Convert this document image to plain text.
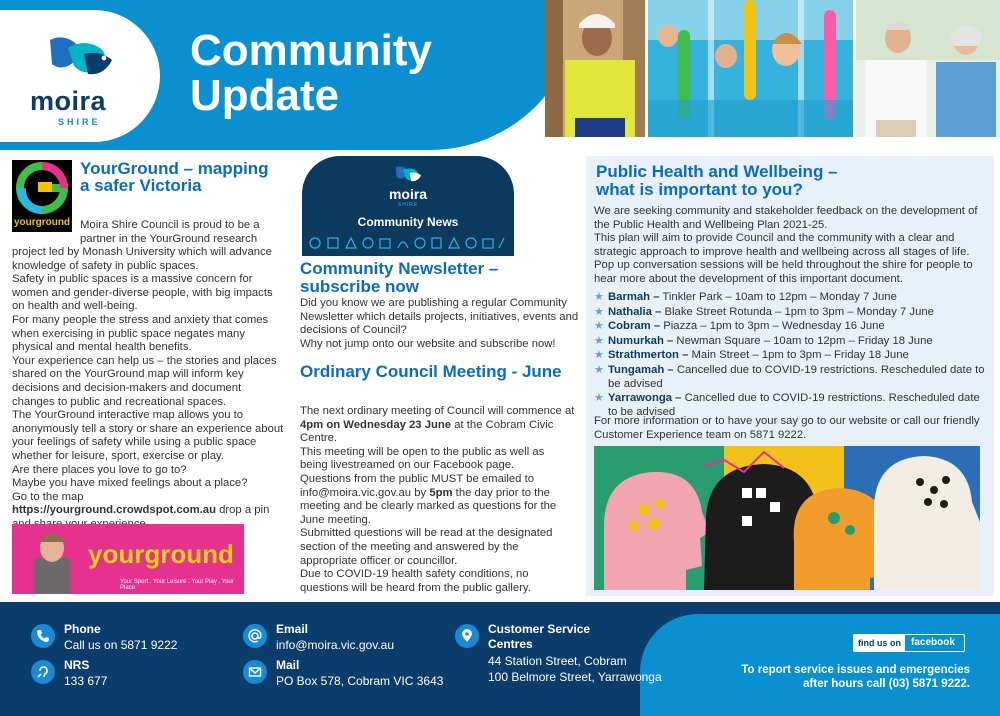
moira
SHIRE
Community
Update
yourground
YourGround – mapping a safer Victoria

Moira Shire Council is proud to be a partner in the YourGround research

project led by Monash University which will advance knowledge of safety in public spaces.

Safety in public spaces is a massive concern for women and gender-diverse people, with big impacts on health and well-being.

For many people the stress and anxiety that comes when exercising in public space negates many physical and mental health benefits.

Your experience can help us – the stories and places shared on the YourGround map will inform key decisions and decision-makers and document changes to public and recreational spaces.

The YourGround interactive map allows you to anonymously tell a story or share an experience about your feelings of safety while using a public space whether for leisure, sport, exercise or play.

Are there places you love to go to?

Maybe you have mixed feelings about a place?

Go to the map https://yourground.crowdspot.com.au drop a pin

yourground
Your Sport . Your Leisure . Your Play . Your Place
moira
SHIRE
Community News
Community Newsletter –
subscribe now

Did you know we are publishing a regular Community Newsletter which details projects, initiatives, events and decisions of Council?

Why not jump onto our website and subscribe now!

Ordinary Council Meeting - June

The next ordinary meeting of Council will commence at 4pm on Wednesday 23 June at the Cobram Civic Centre.

This meeting will be open to the public as well as being livestreamed on our Facebook page.

Questions from the public MUST be emailed to info@moira.vic.gov.au by 5pm the day prior to the meeting and be clearly marked as questions for the June meeting.

Submitted questions will be read at the designated section of the meeting and answered by the appropriate officer or councillor.

Due to COVID-19 health safety conditions, no questions will be heard from the public gallery.

Public Health and Wellbeing –
what is important to you?

We are seeking community and stakeholder feedback on the development of the Public Health and Wellbeing Plan 2021-25.

This plan will aim to provide Council and the community with a clear and strategic approach to improve health and wellbeing across all stages of life.

Pop up conversation sessions will be held throughout the shire for people to hear more about the development of this important document.

★ Barmah – Tinkler Park – 10am to 12pm – Monday 7 June
★ Nathalia – Blake Street Rotunda – 1pm to 3pm – Monday 7 June
★ Cobram – Piazza – 1pm to 3pm – Wednesday 16 June
★ Numurkah – Newman Square – 10am to 12pm – Friday 18 June
★ Strathmerton – Main Street – 1pm to 3pm – Friday 18 June
★ Tungamah – Cancelled due to COVID-19 restrictions. Rescheduled date to be advised
★ Yarrawonga – Cancelled due to COVID-19 restrictions. Rescheduled date to be advised

For more information or to have your say go to our website or call our friendly Customer Experience team on 5871 9222.

Phone
Call us on 5871 9222
NRS
133 677
Email
info@moira.vic.gov.au
Mail
PO Box 578, Cobram VIC 3643
Customer Service
Centres
44 Station Street, Cobram
100 Belmore Street, Yarrawonga
find us on	facebook
To report service issues and emergencies
after hours call (03) 5871 9222.
